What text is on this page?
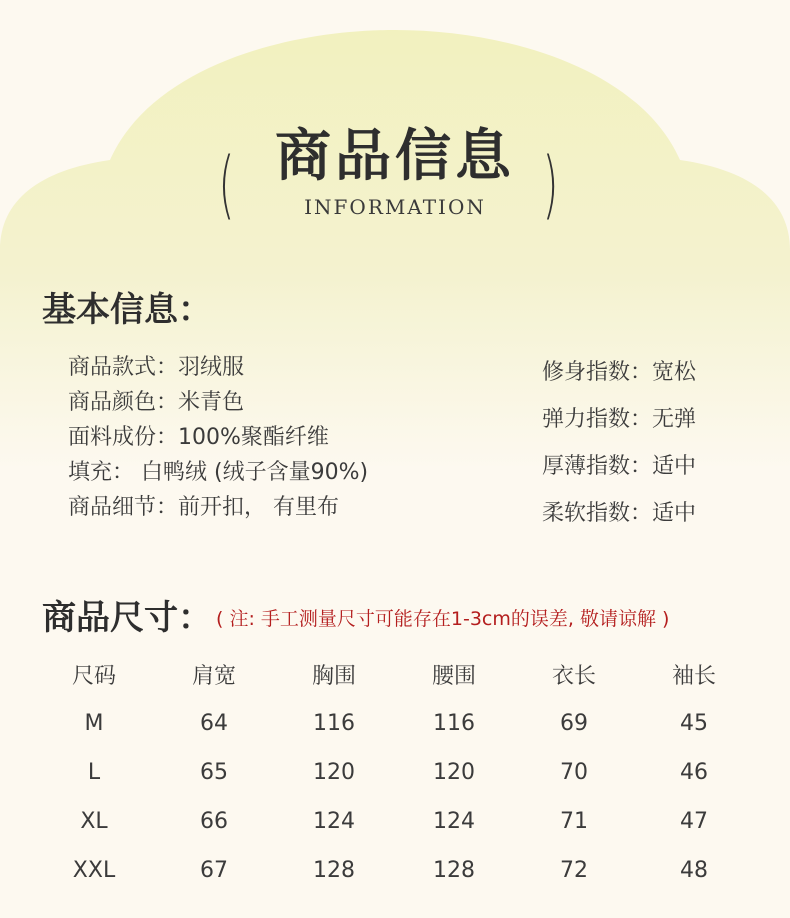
( 商品信息 )
INFORMATION
基本信息：
商品款式：羽绒服
商品颜色：米青色
面料成份：100%聚酯纤维
填充： 白鸭绒 (绒子含量90%)
商品细节：前开扣， 有里布
修身指数：宽松
弹力指数：无弹
厚薄指数：适中
柔软指数：适中
商品尺寸： ( 注: 手工测量尺寸可能存在1-3cm的误差, 敬请谅解 )
尺码	肩宽	胸围	腰围	衣长	袖长
M	64	116	116	69	45
L	65	120	120	70	46
XL	66	124	124	71	47
XXL	67	128	128	72	48
